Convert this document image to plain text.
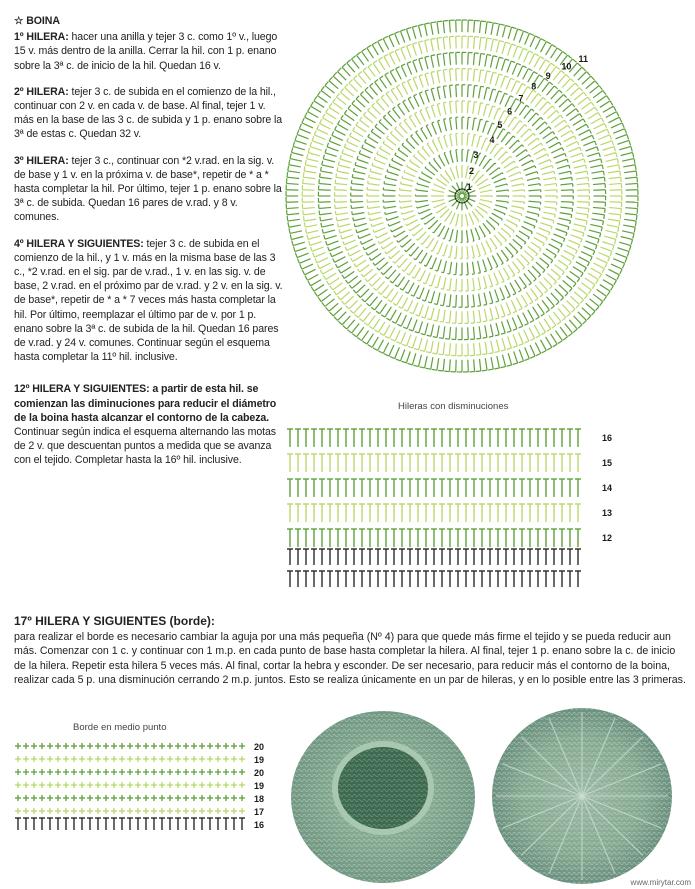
☆ BOINA

1º HILERA: hacer una anilla y tejer 3 c. como 1º v., luego 15 v. más dentro de la anilla. Cerrar la hil. con 1 p. enano sobre la 3ª c. de inicio de la hil. Quedan 16 v.

2º HILERA: tejer 3 c. de subida en el comienzo de la hil., continuar con 2 v. en cada v. de base. Al final, tejer 1 v. más en la base de las 3 c. de subida y 1 p. enano sobre la 3ª de estas c. Quedan 32 v.

3º HILERA: tejer 3 c., continuar con *2 v.rad. en la sig. v. de base y 1 v. en la próxima v. de base*, repetir de * a * hasta completar la hil. Por último, tejer 1 p. enano sobre la 3ª c. de subida. Quedan 16 pares de v.rad. y 8 v. comunes.

4º HILERA Y SIGUIENTES: tejer 3 c. de subida en el comienzo de la hil., y 1 v. más en la misma base de las 3 c., *2 v.rad. en el sig. par de v.rad., 1 v. en las sig. v. de base, 2 v.rad. en el próximo par de v.rad. y 2 v. en la sig. v. de base*, repetir de * a * 7 veces más hasta completar la hil. Por último, reemplazar el último par de v. por 1 p. enano sobre la 3ª c. de subida de la hil. Quedan 16 pares de v.rad. y 24 v. comunes. Continuar según el esquema hasta completar la 11º hil. inclusive.

12º HILERA Y SIGUIENTES: a partir de esta hil. se comienzan las diminuciones para reducir el diámetro de la boina hasta alcanzar el contorno de la cabeza.
Continuar según indica el esquema alternando las motas de 2 v. que descuentan puntos a medida que se avanza con el tejido. Completar hasta la 16º hil. inclusive.

17º HILERA Y SIGUIENTES (borde):

para realizar el borde es necesario cambiar la aguja por una más pequeña (Nº 4) para que quede más firme el tejido y se pueda reducir aun más. Comenzar con 1 c. y continuar con 1 m.p. en cada punto de base hasta completar la hilera. Al final, tejer 1 p. enano sobre la c. de inicio de la hilera. Repetir esta hilera 5 veces más. Al final, cortar la hebra y esconder. De ser necesario, para reducir más el contorno de la boina, realizar cada 5 p. una disminución cerrando 2 m.p. juntos. Esto se realiza únicamente en un par de hileras, y en lo posible entre las 3 primeras.

1
2
3
4
5
6
7
8
9
10
11
Hileras con disminuciones
16
15
14
13
12
Borde en medio punto
20
19
20
19
18
17
16
www.mirytar.com
